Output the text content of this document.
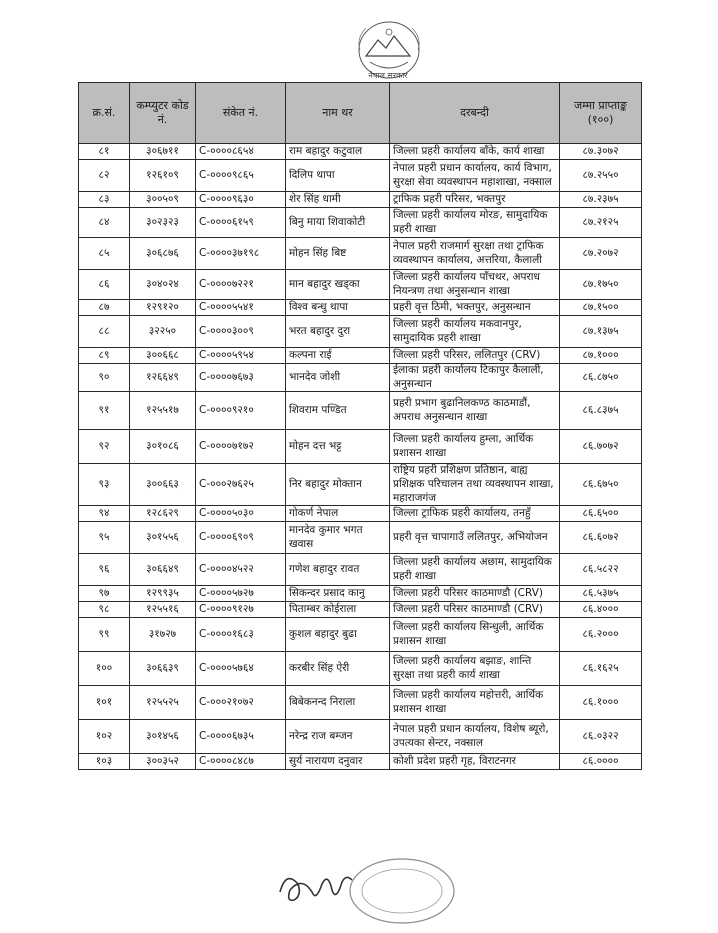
नेपाल सरकार
क्र.सं.	कम्प्युटर कोड नं.	संकेत नं.	नाम थर	दरबन्दी	जम्मा प्राप्ताङ्क (१००)
८१	३०६७११	C-००००८६५४	राम बहादुर कटुवाल	जिल्ला प्रहरी कार्यालय बाँके, कार्य शाखा	८७.३०७२
८२	१२६१०९	C-००००९८६५	दिलिप थापा	नेपाल प्रहरी प्रधान कार्यालय, कार्य विभाग, सुरक्षा सेवा व्यवस्थापन महाशाखा, नक्साल	८७.२५५०
८३	३००५०९	C-००००९६३०	शेर सिंह धामी	ट्राफिक प्रहरी परिसर, भक्तपुर	८७.२३७५
८४	३०२३२३	C-००००६१५९	बिनु माया शिवाकोटी	जिल्ला प्रहरी कार्यालय मोरङ, सामुदायिक प्रहरी शाखा	८७.२१२५
८५	३०६८७६	C-००००३७१९८	मोहन सिंह बिष्ट	नेपाल प्रहरी राजमार्ग सुरक्षा तथा ट्राफिक व्यवस्थापन कार्यालय, अत्तरिया, कैलाली	८७.२०७२
८६	३०४०२४	C-००००७२२१	मान बहादुर खड्का	जिल्ला प्रहरी कार्यालय पाँचथर, अपराध नियन्त्रण तथा अनुसन्धान शाखा	८७.१७५०
८७	१२९१२०	C-००००५५४१	विश्व बन्धु थापा	प्रहरी वृत्त ठिमी, भक्तपुर, अनुसन्धान	८७.१५००
८८	३२२५०	C-००००३००९	भरत बहादुर दुरा	जिल्ला प्रहरी कार्यालय मकवानपुर, सामुदायिक प्रहरी शाखा	८७.१३७५
८९	३००६६८	C-००००५९५४	कल्पना राई	जिल्ला प्रहरी परिसर, ललितपुर (CRV)	८७.१०००
९०	१२६६४९	C-००००७६७३	भानदेव जोशी	ईलाका प्रहरी कार्यालय टिकापुर कैलाली, अनुसन्धान	८६.८७५०
९१	१२५५१७	C-००००९२१०	शिवराम पण्डित	प्रहरी प्रभाग बुढानिलकण्ठ काठमाडौं, अपराध अनुसन्धान शाखा	८६.८३७५
९२	३०१०८६	C-००००७१७२	मोहन दत्त भट्ट	जिल्ला प्रहरी कार्यालय हुम्ला, आर्थिक प्रशासन शाखा	८६.७०७२
९३	३००६६३	C-०००२७६२५	निर बहादुर मोक्तान	राष्ट्रिय प्रहरी प्रशिक्षण प्रतिष्ठान, बाह्य प्रशिक्षक परिचालन तथा व्यवस्थापन शाखा, महाराजगंज	८६.६७५०
९४	१२८६२९	C-००००५०३०	गोकर्ण नेपाल	जिल्ला ट्राफिक प्रहरी कार्यालय, तनहुँ	८६.६५००
९५	३०१५५६	C-००००६९०९	मानदेव कुमार भगत खवास	प्रहरी वृत्त चापागाउँ ललितपुर, अभियोजन	८६.६०७२
९६	३०६६४९	C-००००४५२२	गणेश बहादुर रावत	जिल्ला प्रहरी कार्यालय अछाम, सामुदायिक प्रहरी शाखा	८६.५८२२
९७	१२९९३५	C-००००५७२७	सिकन्दर प्रसाद कानु	जिल्ला प्रहरी परिसर काठमाण्डौ (CRV)	८६.५३७५
९८	१२५५१६	C-००००९१२७	पिताम्बर कोईराला	जिल्ला प्रहरी परिसर काठमाण्डौ (CRV)	८६.४०००
९९	३१७२७	C-००००१६८३	कुशल बहादुर बुढा	जिल्ला प्रहरी कार्यालय सिन्धुली, आर्थिक प्रशासन शाखा	८६.२०००
१००	३०६६३९	C-००००५७६४	करबीर सिंह ऐरी	जिल्ला प्रहरी कार्यालय बझाङ, शान्ति सुरक्षा तथा प्रहरी कार्य शाखा	८६.१६२५
१०१	१२५५२५	C-०००२१०७२	बिबेकनन्द निराला	जिल्ला प्रहरी कार्यालय महोत्तरी, आर्थिक प्रशासन शाखा	८६.१०००
१०२	३०१४५६	C-००००६७३५	नरेन्द्र राज बम्जन	नेपाल प्रहरी प्रधान कार्यालय, विशेष ब्यूरो, उपत्यका सेन्टर, नक्साल	८६.०३२२
१०३	३००३५२	C-००००८४८७	सुर्य नारायण दनुवार	कोशी प्रदेश प्रहरी गृह, विराटनगर	८६.००००
